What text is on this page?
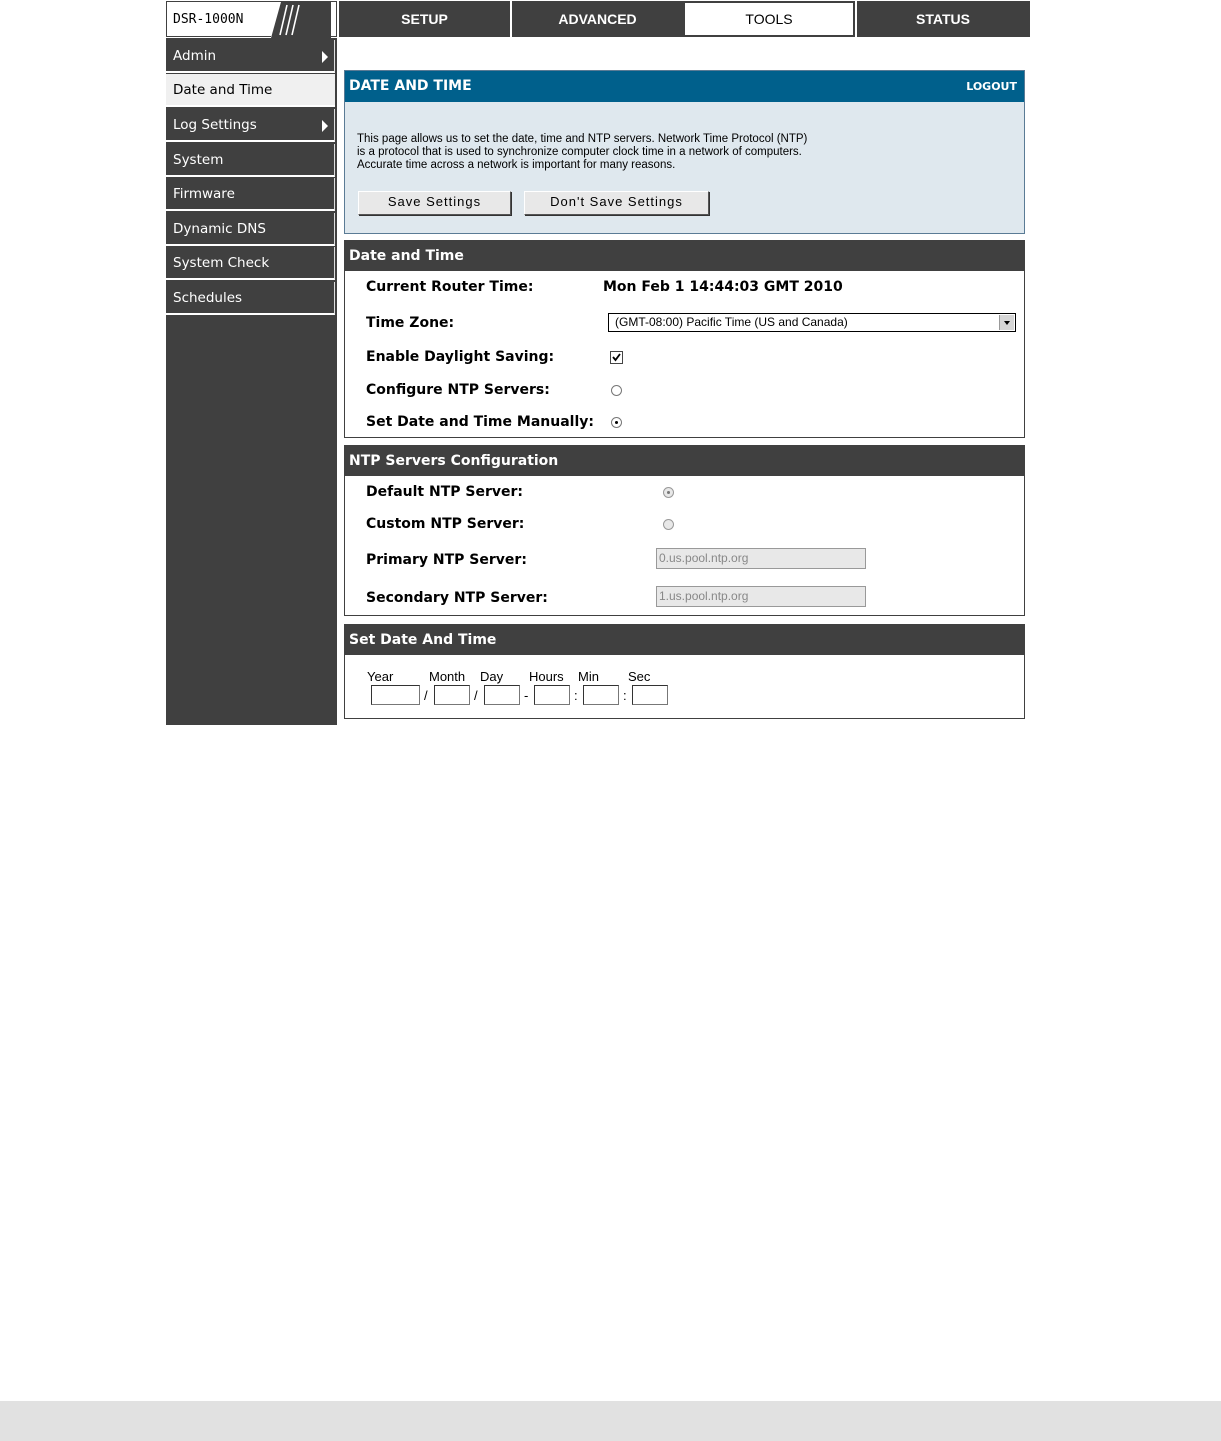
DSR-1000N	SETUP	ADVANCED	TOOLS	STATUS
Admin
Date and Time
Log Settings
System
Firmware
Dynamic DNS
System Check
Schedules
DATE AND TIME	LOGOUT
This page allows us to set the date, time and NTP servers. Network Time Protocol (NTP)
is a protocol that is used to synchronize computer clock time in a network of computers.
Accurate time across a network is important for many reasons.
Save Settings	Don't Save Settings
Date and Time
Current Router Time:	Mon Feb 1 14:44:03 GMT 2010
Time Zone:	(GMT-08:00) Pacific Time (US and Canada)
Enable Daylight Saving:
Configure NTP Servers:
Set Date and Time Manually:
NTP Servers Configuration
Default NTP Server:
Custom NTP Server:
Primary NTP Server:	0.us.pool.ntp.org
Secondary NTP Server:	1.us.pool.ntp.org
Set Date And Time
Year	Month Day Hours Min Sec
/	/	-	:	:
